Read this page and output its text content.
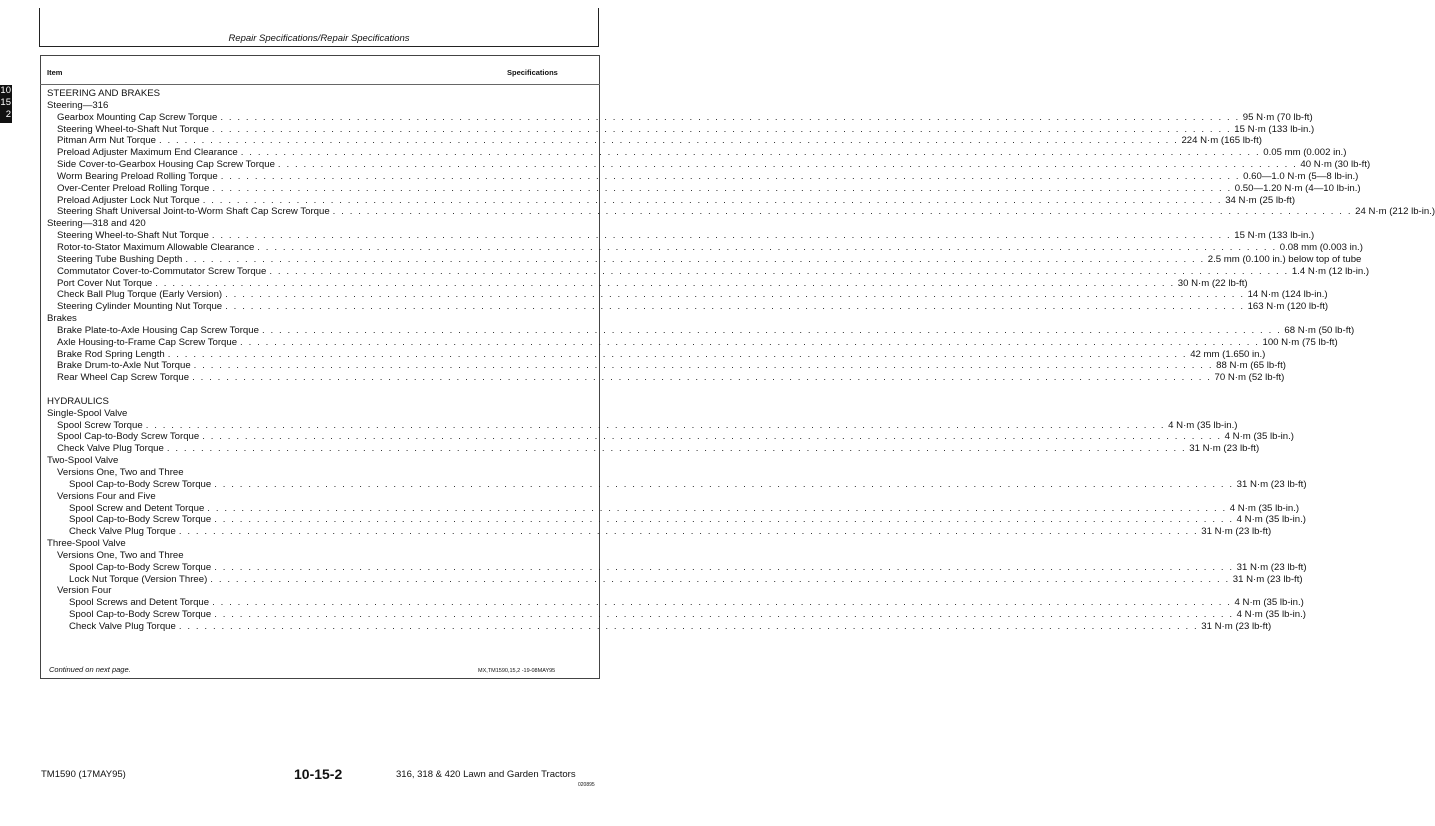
Repair Specifications/Repair Specifications
10
15
2
Item	Specifications
STEERING AND BRAKES
Steering—316
Gearbox Mounting Cap Screw Torque . . . . . . . . . . . . . . . . . . . . . . . . . . . . . . . . . . . . . . . . . . . . . . . . . . . . . . . . . . . . . . . . . . . . . . . . . . . . . . . . . . . . . . . . . . . . . . . . . . . . . . . . . . . . . . . . . . . . . . . . 95 N·m (70 lb-ft)
Steering Wheel-to-Shaft Nut Torque . . . . . . . . . . . . . . . . . . . . . . . . . . . . . . . . . . . . . . . . . . . . . . . . . . . . . . . . . . . . . . . . . . . . . . . . . . . . . . . . . . . . . . . . . . . . . . . . . . . . . . . . . . . . . . . . . . . . . . . . 15 N·m (133 lb-in.)
Pitman Arm Nut Torque . . . . . . . . . . . . . . . . . . . . . . . . . . . . . . . . . . . . . . . . . . . . . . . . . . . . . . . . . . . . . . . . . . . . . . . . . . . . . . . . . . . . . . . . . . . . . . . . . . . . . . . . . . . . . . . . . . . . . . . . 224 N·m (165 lb-ft)
Preload Adjuster Maximum End Clearance . . . . . . . . . . . . . . . . . . . . . . . . . . . . . . . . . . . . . . . . . . . . . . . . . . . . . . . . . . . . . . . . . . . . . . . . . . . . . . . . . . . . . . . . . . . . . . . . . . . . . . . . . . . . . . . . . . . . . . . . 0.05 mm (0.002 in.)
Side Cover-to-Gearbox Housing Cap Screw Torque . . . . . . . . . . . . . . . . . . . . . . . . . . . . . . . . . . . . . . . . . . . . . . . . . . . . . . . . . . . . . . . . . . . . . . . . . . . . . . . . . . . . . . . . . . . . . . . . . . . . . . . . . . . . . . . . . . . . . . . . 40 N·m (30 lb-ft)
Worm Bearing Preload Rolling Torque . . . . . . . . . . . . . . . . . . . . . . . . . . . . . . . . . . . . . . . . . . . . . . . . . . . . . . . . . . . . . . . . . . . . . . . . . . . . . . . . . . . . . . . . . . . . . . . . . . . . . . . . . . . . . . . . . . . . . . . . 0.60—1.0 N·m (5—8 lb-in.)
Over-Center Preload Rolling Torque . . . . . . . . . . . . . . . . . . . . . . . . . . . . . . . . . . . . . . . . . . . . . . . . . . . . . . . . . . . . . . . . . . . . . . . . . . . . . . . . . . . . . . . . . . . . . . . . . . . . . . . . . . . . . . . . . . . . . . . . 0.50—1.20 N·m (4—10 lb-in.)
Preload Adjuster Lock Nut Torque . . . . . . . . . . . . . . . . . . . . . . . . . . . . . . . . . . . . . . . . . . . . . . . . . . . . . . . . . . . . . . . . . . . . . . . . . . . . . . . . . . . . . . . . . . . . . . . . . . . . . . . . . . . . . . . . . . . . . . . . 34 N·m (25 lb-ft)
Steering Shaft Universal Joint-to-Worm Shaft Cap Screw Torque . . . . . . . . . . . . . . . . . . . . . . . . . . . . . . . . . . . . . . . . . . . . . . . . . . . . . . . . . . . . . . . . . . . . . . . . . . . . . . . . . . . . . . . . . . . . . . . . . . . . . . . . . . . . . . . . . . . . . . . . 24 N·m (212 lb-in.)
Steering—318 and 420
Steering Wheel-to-Shaft Nut Torque . . . . . . . . . . . . . . . . . . . . . . . . . . . . . . . . . . . . . . . . . . . . . . . . . . . . . . . . . . . . . . . . . . . . . . . . . . . . . . . . . . . . . . . . . . . . . . . . . . . . . . . . . . . . . . . . . . . . . . . . 15 N·m (133 lb-in.)
Rotor-to-Stator Maximum Allowable Clearance . . . . . . . . . . . . . . . . . . . . . . . . . . . . . . . . . . . . . . . . . . . . . . . . . . . . . . . . . . . . . . . . . . . . . . . . . . . . . . . . . . . . . . . . . . . . . . . . . . . . . . . . . . . . . . . . . . . . . . . . 0.08 mm (0.003 in.)
Steering Tube Bushing Depth . . . . . . . . . . . . . . . . . . . . . . . . . . . . . . . . . . . . . . . . . . . . . . . . . . . . . . . . . . . . . . . . . . . . . . . . . . . . . . . . . . . . . . . . . . . . . . . . . . . . . . . . . . . . . . . . . . . . . . . . 2.5 mm (0.100 in.) below top of tube
Commutator Cover-to-Commutator Screw Torque . . . . . . . . . . . . . . . . . . . . . . . . . . . . . . . . . . . . . . . . . . . . . . . . . . . . . . . . . . . . . . . . . . . . . . . . . . . . . . . . . . . . . . . . . . . . . . . . . . . . . . . . . . . . . . . . . . . . . . . . 1.4 N·m (12 lb-in.)
Port Cover Nut Torque . . . . . . . . . . . . . . . . . . . . . . . . . . . . . . . . . . . . . . . . . . . . . . . . . . . . . . . . . . . . . . . . . . . . . . . . . . . . . . . . . . . . . . . . . . . . . . . . . . . . . . . . . . . . . . . . . . . . . . . . 30 N·m (22 lb-ft)
Check Ball Plug Torque (Early Version) . . . . . . . . . . . . . . . . . . . . . . . . . . . . . . . . . . . . . . . . . . . . . . . . . . . . . . . . . . . . . . . . . . . . . . . . . . . . . . . . . . . . . . . . . . . . . . . . . . . . . . . . . . . . . . . . . . . . . . . . 14 N·m (124 lb-in.)
Steering Cylinder Mounting Nut Torque . . . . . . . . . . . . . . . . . . . . . . . . . . . . . . . . . . . . . . . . . . . . . . . . . . . . . . . . . . . . . . . . . . . . . . . . . . . . . . . . . . . . . . . . . . . . . . . . . . . . . . . . . . . . . . . . . . . . . . . . 163 N·m (120 lb-ft)
Brakes
Brake Plate-to-Axle Housing Cap Screw Torque . . . . . . . . . . . . . . . . . . . . . . . . . . . . . . . . . . . . . . . . . . . . . . . . . . . . . . . . . . . . . . . . . . . . . . . . . . . . . . . . . . . . . . . . . . . . . . . . . . . . . . . . . . . . . . . . . . . . . . . . 68 N·m (50 lb-ft)
Axle Housing-to-Frame Cap Screw Torque . . . . . . . . . . . . . . . . . . . . . . . . . . . . . . . . . . . . . . . . . . . . . . . . . . . . . . . . . . . . . . . . . . . . . . . . . . . . . . . . . . . . . . . . . . . . . . . . . . . . . . . . . . . . . . . . . . . . . . . . 100 N·m (75 lb-ft)
Brake Rod Spring Length . . . . . . . . . . . . . . . . . . . . . . . . . . . . . . . . . . . . . . . . . . . . . . . . . . . . . . . . . . . . . . . . . . . . . . . . . . . . . . . . . . . . . . . . . . . . . . . . . . . . . . . . . . . . . . . . . . . . . . . . 42 mm (1.650 in.)
Brake Drum-to-Axle Nut Torque . . . . . . . . . . . . . . . . . . . . . . . . . . . . . . . . . . . . . . . . . . . . . . . . . . . . . . . . . . . . . . . . . . . . . . . . . . . . . . . . . . . . . . . . . . . . . . . . . . . . . . . . . . . . . . . . . . . . . . . . 88 N·m (65 lb-ft)
Rear Wheel Cap Screw Torque . . . . . . . . . . . . . . . . . . . . . . . . . . . . . . . . . . . . . . . . . . . . . . . . . . . . . . . . . . . . . . . . . . . . . . . . . . . . . . . . . . . . . . . . . . . . . . . . . . . . . . . . . . . . . . . . . . . . . . . . 70 N·m (52 lb-ft)
HYDRAULICS
Single-Spool Valve
Spool Screw Torque . . . . . . . . . . . . . . . . . . . . . . . . . . . . . . . . . . . . . . . . . . . . . . . . . . . . . . . . . . . . . . . . . . . . . . . . . . . . . . . . . . . . . . . . . . . . . . . . . . . . . . . . . . . . . . . . . . . . . . . . 4 N·m (35 lb-in.)
Spool Cap-to-Body Screw Torque . . . . . . . . . . . . . . . . . . . . . . . . . . . . . . . . . . . . . . . . . . . . . . . . . . . . . . . . . . . . . . . . . . . . . . . . . . . . . . . . . . . . . . . . . . . . . . . . . . . . . . . . . . . . . . . . . . . . . . . . 4 N·m (35 lb-in.)
Check Valve Plug Torque . . . . . . . . . . . . . . . . . . . . . . . . . . . . . . . . . . . . . . . . . . . . . . . . . . . . . . . . . . . . . . . . . . . . . . . . . . . . . . . . . . . . . . . . . . . . . . . . . . . . . . . . . . . . . . . . . . . . . . . . 31 N·m (23 lb-ft)
Two-Spool Valve
Versions One, Two and Three
Spool Cap-to-Body Screw Torque . . . . . . . . . . . . . . . . . . . . . . . . . . . . . . . . . . . . . . . . . . . . . . . . . . . . . . . . . . . . . . . . . . . . . . . . . . . . . . . . . . . . . . . . . . . . . . . . . . . . . . . . . . . . . . . . . . . . . . . . 31 N·m (23 lb-ft)
Versions Four and Five
Spool Screw and Detent Torque . . . . . . . . . . . . . . . . . . . . . . . . . . . . . . . . . . . . . . . . . . . . . . . . . . . . . . . . . . . . . . . . . . . . . . . . . . . . . . . . . . . . . . . . . . . . . . . . . . . . . . . . . . . . . . . . . . . . . . . . 4 N·m (35 lb-in.)
Spool Cap-to-Body Screw Torque . . . . . . . . . . . . . . . . . . . . . . . . . . . . . . . . . . . . . . . . . . . . . . . . . . . . . . . . . . . . . . . . . . . . . . . . . . . . . . . . . . . . . . . . . . . . . . . . . . . . . . . . . . . . . . . . . . . . . . . . 4 N·m (35 lb-in.)
Check Valve Plug Torque . . . . . . . . . . . . . . . . . . . . . . . . . . . . . . . . . . . . . . . . . . . . . . . . . . . . . . . . . . . . . . . . . . . . . . . . . . . . . . . . . . . . . . . . . . . . . . . . . . . . . . . . . . . . . . . . . . . . . . . . 31 N·m (23 lb-ft)
Three-Spool Valve
Versions One, Two and Three
Spool Cap-to-Body Screw Torque . . . . . . . . . . . . . . . . . . . . . . . . . . . . . . . . . . . . . . . . . . . . . . . . . . . . . . . . . . . . . . . . . . . . . . . . . . . . . . . . . . . . . . . . . . . . . . . . . . . . . . . . . . . . . . . . . . . . . . . . 31 N·m (23 lb-ft)
Lock Nut Torque (Version Three) . . . . . . . . . . . . . . . . . . . . . . . . . . . . . . . . . . . . . . . . . . . . . . . . . . . . . . . . . . . . . . . . . . . . . . . . . . . . . . . . . . . . . . . . . . . . . . . . . . . . . . . . . . . . . . . . . . . . . . . . 31 N·m (23 lb-ft)
Version Four
Spool Screws and Detent Torque . . . . . . . . . . . . . . . . . . . . . . . . . . . . . . . . . . . . . . . . . . . . . . . . . . . . . . . . . . . . . . . . . . . . . . . . . . . . . . . . . . . . . . . . . . . . . . . . . . . . . . . . . . . . . . . . . . . . . . . . 4 N·m (35 lb-in.)
Spool Cap-to-Body Screw Torque . . . . . . . . . . . . . . . . . . . . . . . . . . . . . . . . . . . . . . . . . . . . . . . . . . . . . . . . . . . . . . . . . . . . . . . . . . . . . . . . . . . . . . . . . . . . . . . . . . . . . . . . . . . . . . . . . . . . . . . . 4 N·m (35 lb-in.)
Check Valve Plug Torque . . . . . . . . . . . . . . . . . . . . . . . . . . . . . . . . . . . . . . . . . . . . . . . . . . . . . . . . . . . . . . . . . . . . . . . . . . . . . . . . . . . . . . . . . . . . . . . . . . . . . . . . . . . . . . . . . . . . . . . . 31 N·m (23 lb-ft)
Continued on next page.	MX,TM1590,15,2 -19-08MAY95
TM1590 (17MAY95)	10-15-2	316, 318 & 420 Lawn and Garden Tractors
020895
